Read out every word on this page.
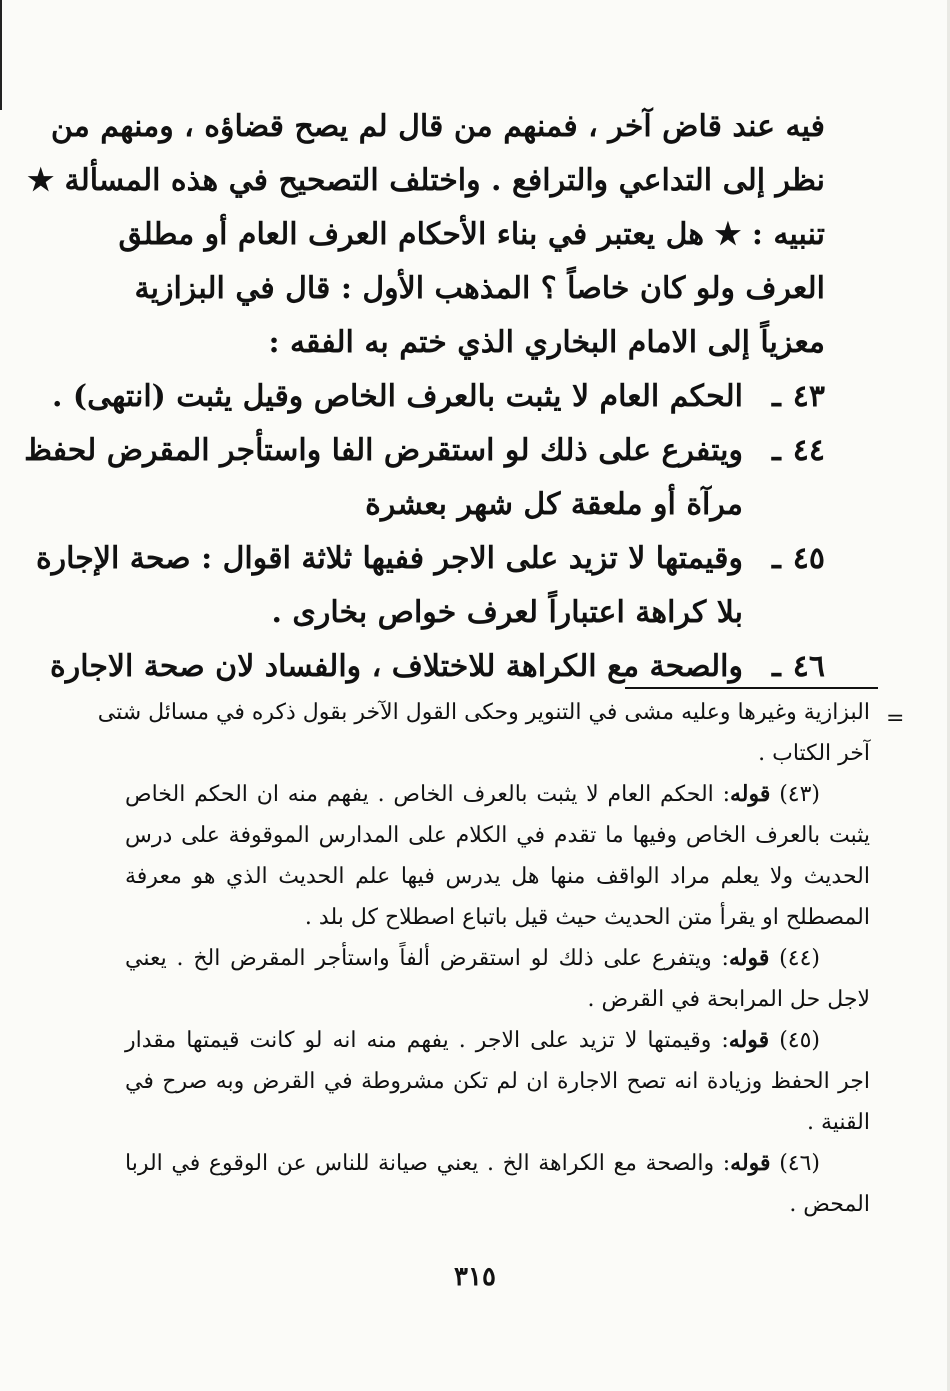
فيه عند قاض آخر ، فمنهم من قال لم يصح قضاؤه ، ومنهم من
نظر إلى التداعي والترافع . واختلف التصحيح في هذه المسألة ★
تنبيه : ★ هل يعتبر في بناء الأحكام العرف العام أو مطلق
العرف ولو كان خاصاً ؟ المذهب الأول : قال في البزازية
معزياً إلى الامام البخاري الذي ختم به الفقه :
٤٣ـ
الحكم العام لا يثبت بالعرف الخاص وقيل يثبت (انتهى) .
٤٤ـ
ويتفرع على ذلك لو استقرض الفا واستأجر المقرض لحفظ
مرآة أو ملعقة كل شهر بعشرة
٤٥ـ
وقيمتها لا تزيد على الاجر ففيها ثلاثة اقوال : صحة الإجارة
بلا كراهة اعتباراً لعرف خواص بخارى .
٤٦ـ
والصحة مع الكراهة للاختلاف ، والفساد لان صحة الاجارة
=
البزازية وغيرها وعليه مشى في التنوير وحكى القول الآخر بقول ذكره في مسائل شتى
آخر الكتاب .
(٤٣) قوله: الحكم العام لا يثبت بالعرف الخاص . يفهم منه ان الحكم الخاص
يثبت بالعرف الخاص وفيها ما تقدم في الكلام على المدارس الموقوفة على درس
الحديث ولا يعلم مراد الواقف منها هل يدرس فيها علم الحديث الذي هو معرفة
المصطلح او يقرأ متن الحديث حيث قيل باتباع اصطلاح كل بلد .
(٤٤) قوله: ويتفرع على ذلك لو استقرض ألفاً واستأجر المقرض الخ . يعني
لاجل حل المرابحة في القرض .
(٤٥) قوله: وقيمتها لا تزيد على الاجر . يفهم منه انه لو كانت قيمتها مقدار
اجر الحفظ وزيادة انه تصح الاجارة ان لم تكن مشروطة في القرض وبه صرح في
القنية .
(٤٦) قوله: والصحة مع الكراهة الخ . يعني صيانة للناس عن الوقوع في الربا
المحض .
٣١٥
